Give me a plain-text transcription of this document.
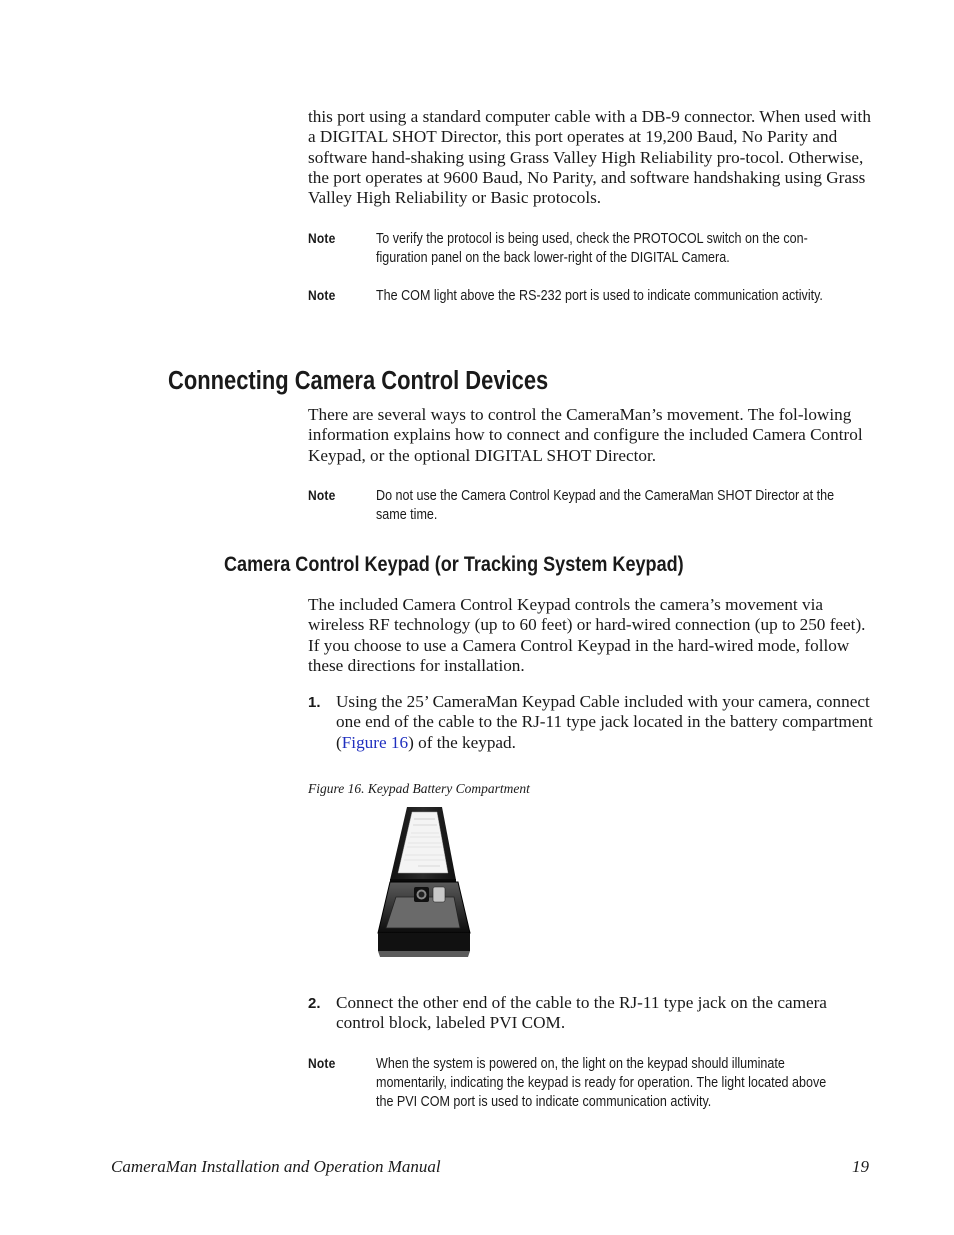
this port using a standard computer cable with a DB-9 connector. When used with a DIGITAL SHOT Director, this port operates at 19,200 Baud, No Parity and software hand-shaking using Grass Valley High Reliability pro-tocol. Otherwise, the port operates at 9600 Baud, No Parity, and software handshaking using Grass Valley High Reliability or Basic protocols.
Note	To verify the protocol is being used, check the PROTOCOL switch on the con-figuration panel on the back lower-right of the DIGITAL Camera.
Note	The COM light above the RS-232 port is used to indicate communication activity.
Connecting Camera Control Devices
There are several ways to control the CameraMan’s movement. The fol-lowing information explains how to connect and configure the included Camera Control Keypad, or the optional DIGITAL SHOT Director.
Note	Do not use the Camera Control Keypad and the CameraMan SHOT Director at the same time.
Camera Control Keypad (or Tracking System Keypad)
The included Camera Control Keypad controls the camera’s movement via wireless RF technology (up to 60 feet) or hard-wired connection (up to 250 feet). If you choose to use a Camera Control Keypad in the hard-wired mode, follow these directions for installation.
1. Using the 25’ CameraMan Keypad Cable included with your camera, connect one end of the cable to the RJ-11 type jack located in the battery compartment (Figure 16) of the keypad.
Figure 16. Keypad Battery Compartment
2. Connect the other end of the cable to the RJ-11 type jack on the camera control block, labeled PVI COM.
Note	When the system is powered on, the light on the keypad should illuminate momentarily, indicating the keypad is ready for operation. The light located above the PVI COM port is used to indicate communication activity.
CameraMan Installation and Operation Manual	19
